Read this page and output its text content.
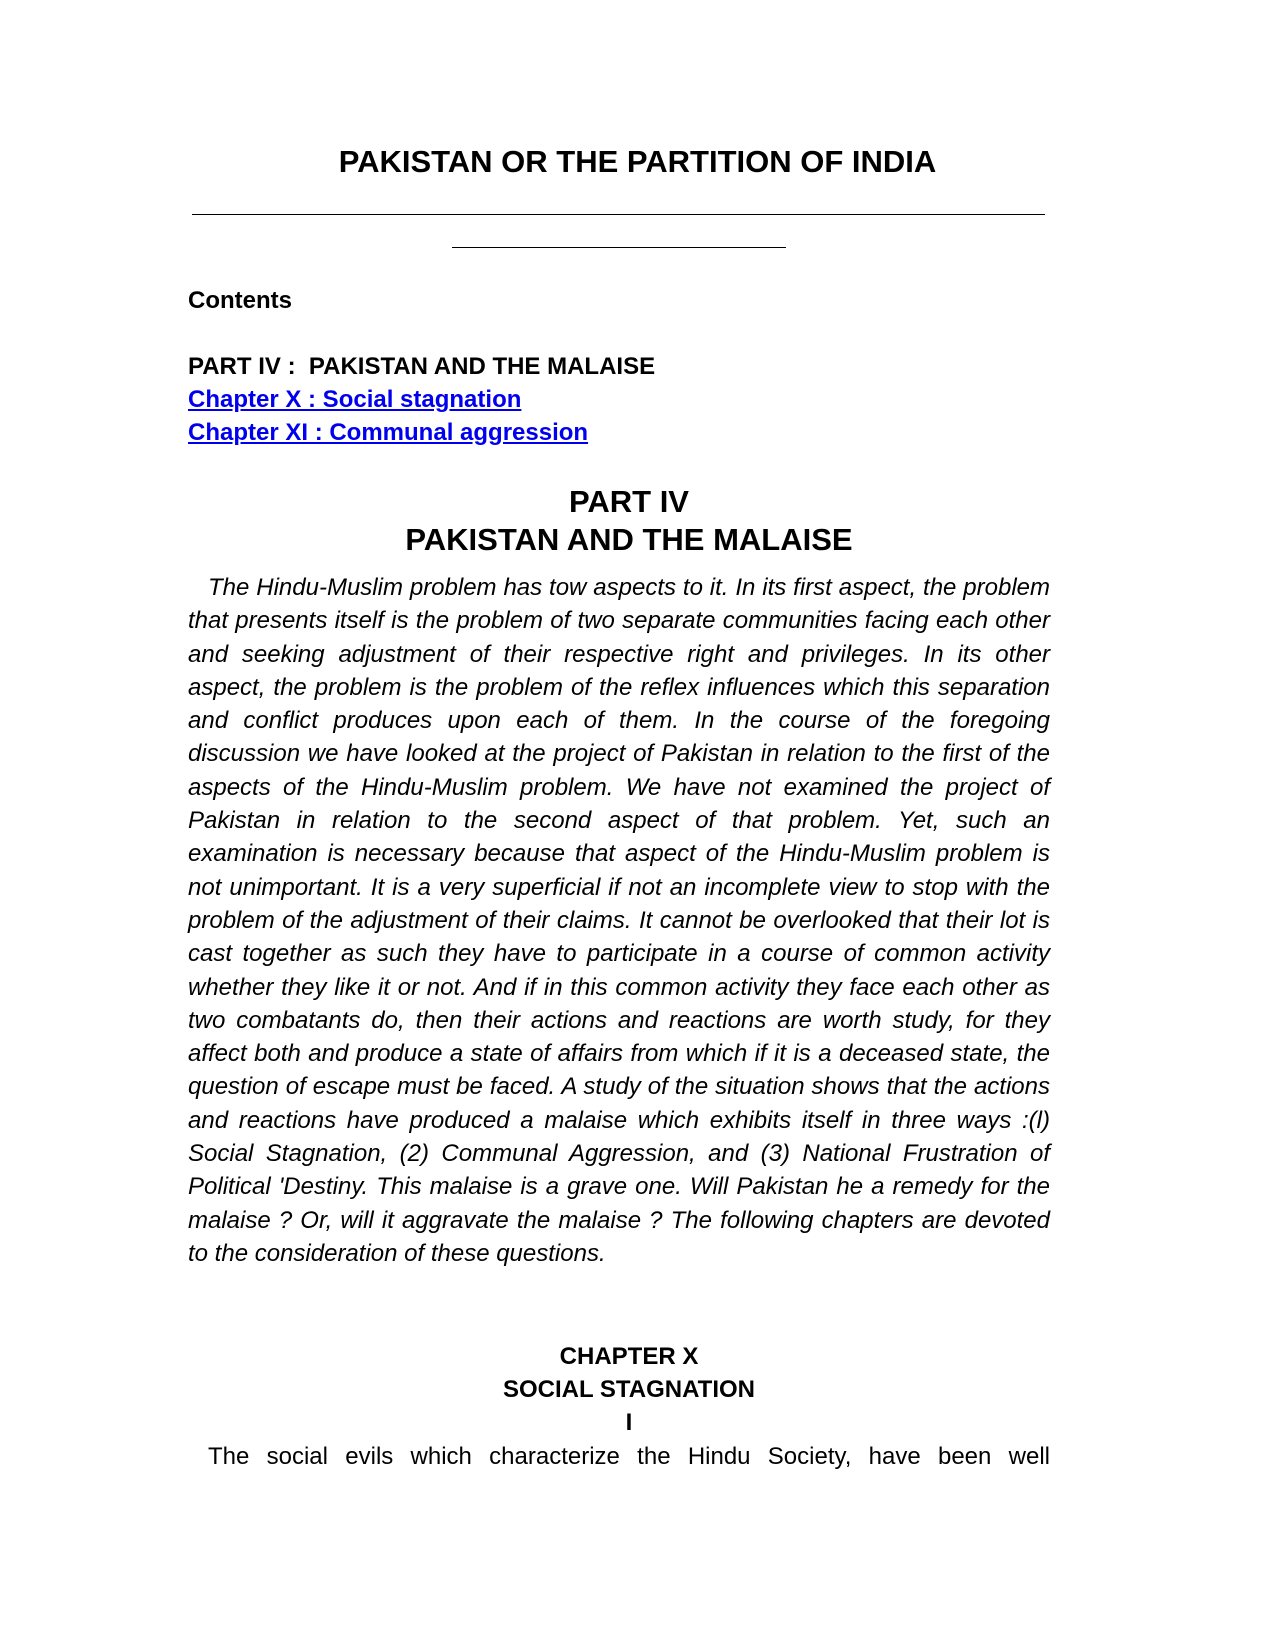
PAKISTAN OR THE PARTITION OF INDIA
Contents
PART IV :  PAKISTAN AND THE MALAISE
Chapter X : Social stagnation
Chapter XI : Communal aggression
PART IV
PAKISTAN AND THE MALAISE

The Hindu-Muslim problem has tow aspects to it. In its first aspect, the problem that presents itself is the problem of two separate communities facing each other and seeking adjustment of their respective right and privileges. In its other aspect, the problem is the problem of the reflex influences which this separation and conflict produces upon each of them. In the course of the foregoing discussion we have looked at the project of Pakistan in relation to the first of the aspects of the Hindu-Muslim problem. We have not examined the project of Pakistan in relation to the second aspect of that problem. Yet, such an examination is necessary because that aspect of the Hindu-Muslim problem is not unimportant. It is a very superficial if not an incomplete view to stop with the problem of the adjustment of their claims. It cannot be overlooked that their lot is cast together as such they have to participate in a course of common activity whether they like it or not. And if in this common activity they face each other as two combatants do, then their actions and reactions are worth study, for they affect both and produce a state of affairs from which if it is a deceased state, the question of escape must be faced. A study of the situation shows that the actions and reactions have produced a malaise which exhibits itself in three ways :(l) Social Stagnation, (2) Communal Aggression, and (3) National Frustration of Political 'Destiny. This malaise is a grave one. Will Pakistan he a remedy for the malaise ? Or, will it aggravate the malaise ? The following chapters are devoted to the consideration of these questions.

CHAPTER X
SOCIAL STAGNATION
I

The social evils which characterize the Hindu Society, have been well
